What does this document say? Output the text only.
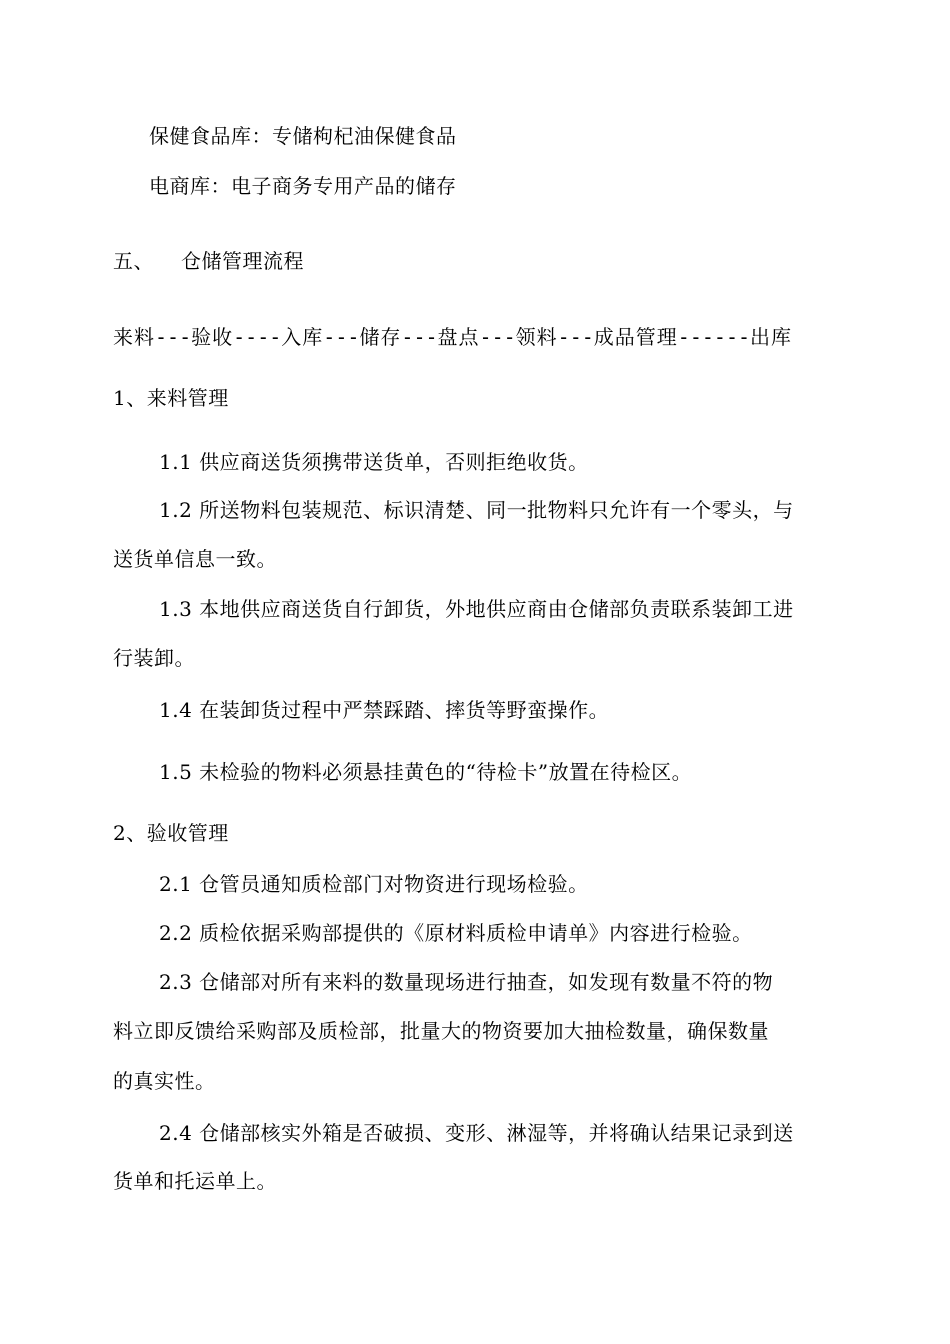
保健食品库：专储枸杞油保健食品
电商库：电子商务专用产品的储存
五、 仓储管理流程
来料---验收----入库---储存---盘点---领料---成品管理------出库
1、来料管理
1.1 供应商送货须携带送货单，否则拒绝收货。
1.2 所送物料包装规范、标识清楚、同一批物料只允许有一个零头，与
送货单信息一致。
1.3 本地供应商送货自行卸货，外地供应商由仓储部负责联系装卸工进
行装卸。
1.4 在装卸货过程中严禁踩踏、摔货等野蛮操作。
1.5 未检验的物料必须悬挂黄色的“待检卡”放置在待检区。
2、验收管理
2.1 仓管员通知质检部门对物资进行现场检验。
2.2 质检依据采购部提供的《原材料质检申请单》内容进行检验。
2.3 仓储部对所有来料的数量现场进行抽查，如发现有数量不符的物
料立即反馈给采购部及质检部，批量大的物资要加大抽检数量，确保数量
的真实性。
2.4 仓储部核实外箱是否破损、变形、淋湿等，并将确认结果记录到送
货单和托运单上。
